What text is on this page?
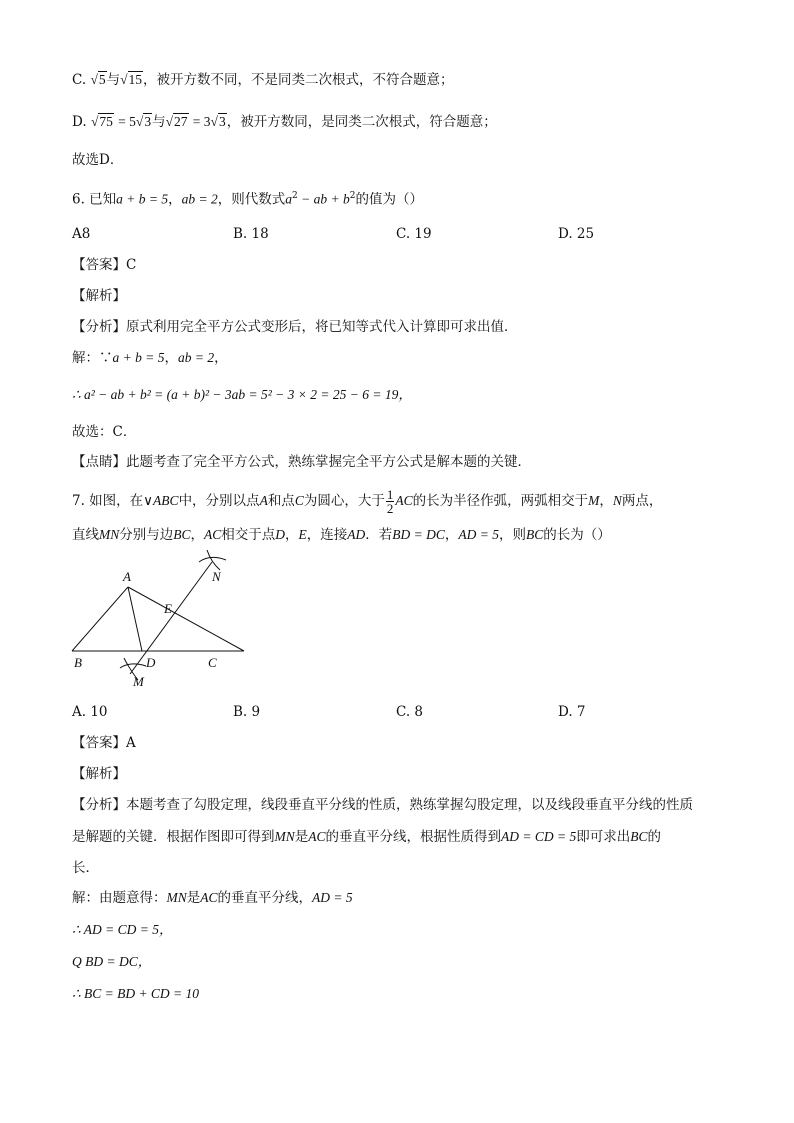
C. √5与√15，被开方数不同，不是同类二次根式，不符合题意；
D. √75 = 5√3与√27 = 3√3，被开方数同，是同类二次根式，符合题意；
故选D．
6. 已知a + b = 5，ab = 2，则代数式$a^2$ − ab + $b^2$的值为（）
A8	B. 18	C. 19	D. 25
【答案】C
【解析】
【分析】原式利用完全平方公式变形后，将已知等式代入计算即可求出值．
解：∵a + b = 5，ab = 2，
∴ a² − ab + b² = (a + b)² − 3ab = 5² − 3 × 2 = 25 − 6 = 19，
故选：C．
【点睛】此题考查了完全平方公式，熟练掌握完全平方公式是解本题的关键．
7. 如图，在∨ABC中，分别以点A和点C为圆心，大于 $\frac{1}{2}$ AC的长为半径作弧，两弧相交于M，N两点，
直线MN分别与边BC，AC相交于点D，E，连接AD．若BD = DC，AD = 5，则BC的长为（）
A
B	D	C
E
M
N
A. 10	B. 9	C. 8	D. 7
【答案】A
【解析】
【分析】本题考查了勾股定理，线段垂直平分线的性质，熟练掌握勾股定理，以及线段垂直平分线的性质
是解题的关键．根据作图即可得到MN是AC的垂直平分线，根据性质得到AD = CD = 5即可求出BC的
长．
解：由题意得：MN是AC的垂直平分线，AD = 5
∴ AD = CD = 5，
Q BD = DC，
∴ BC = BD + CD = 10
